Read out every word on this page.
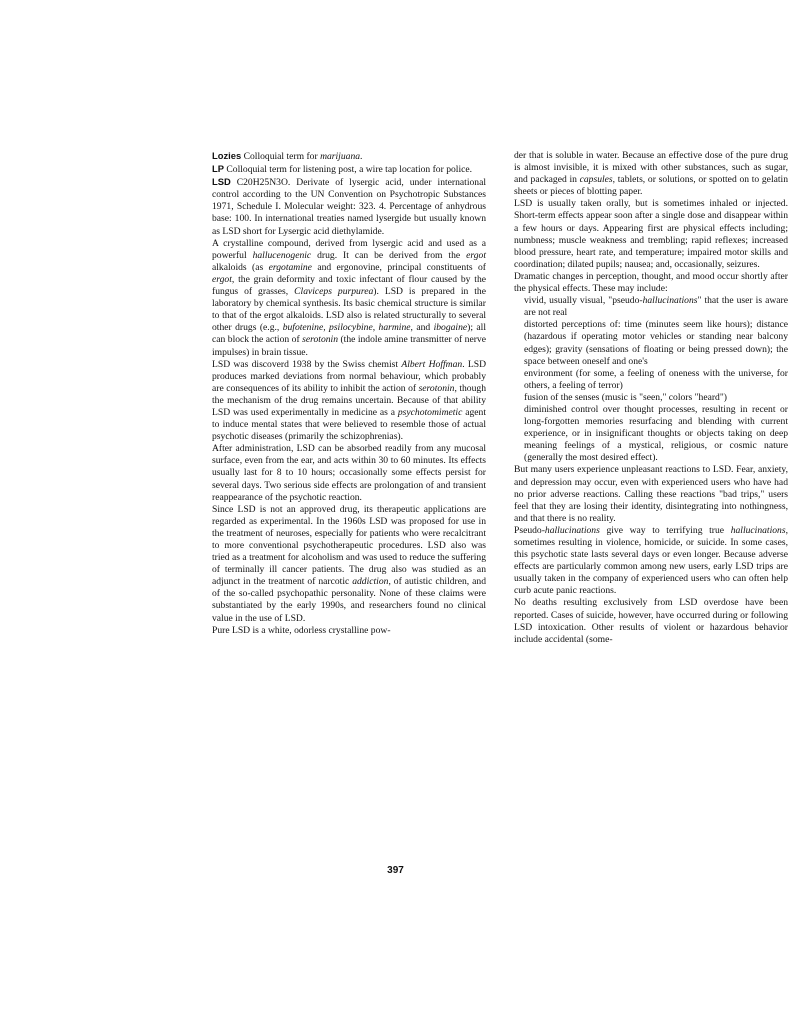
Lozies Colloquial term for marijuana.

LP Colloquial term for listening post, a wire tap location for police.

LSD C20H25N3O. Derivate of lysergic acid, under international control according to the UN Convention on Psychotropic Substances 1971, Schedule I. Molecular weight: 323. 4. Percentage of anhydrous base: 100. In international treaties named lysergide but usually known as LSD short for Lysergic acid diethylamide.

A crystalline compound, derived from lysergic acid and used as a powerful hallucenogenic drug. It can be derived from the ergot alkaloids (as ergotamine and ergonovine, principal constituents of ergot, the grain deformity and toxic infectant of flour caused by the fungus of grasses, Claviceps purpurea). LSD is prepared in the laboratory by chemical synthesis. Its basic chemical structure is similar to that of the ergot alkaloids. LSD also is related structurally to several other drugs (e.g., bufotenine, psilocybine, harmine, and ibogaine); all can block the action of serotonin (the indole amine transmitter of nerve impulses) in brain tissue.

LSD was discoverd 1938 by the Swiss chemist Albert Hoffman. LSD produces marked deviations from normal behaviour, which probably are consequences of its ability to inhibit the action of serotonin, though the mechanism of the drug remains uncertain. Because of that ability LSD was used experimentally in medicine as a psychotomimetic agent to induce mental states that were believed to resemble those of actual psychotic diseases (primarily the schizophrenias).

After administration, LSD can be absorbed readily from any mucosal surface, even from the ear, and acts within 30 to 60 minutes. Its effects usually last for 8 to 10 hours; occasionally some effects persist for several days. Two serious side effects are prolongation of and transient reappearance of the psychotic reaction.

Since LSD is not an approved drug, its therapeutic applications are regarded as experimental. In the 1960s LSD was proposed for use in the treatment of neuroses, especially for patients who were recalcitrant to more conventional psychotherapeutic procedures. LSD also was tried as a treatment for alcoholism and was used to reduce the suffering of terminally ill cancer patients. The drug also was studied as an adjunct in the treatment of narcotic addiction, of autistic children, and of the so-called psychopathic personality. None of these claims were substantiated by the early 1990s, and researchers found no clinical value in the use of LSD.

Pure LSD is a white, odorless crystalline pow-

der that is soluble in water. Because an effective dose of the pure drug is almost invisible, it is mixed with other substances, such as sugar, and packaged in capsules, tablets, or solutions, or spotted on to gelatin sheets or pieces of blotting paper.

LSD is usually taken orally, but is sometimes inhaled or injected. Short-term effects appear soon after a single dose and disappear within a few hours or days. Appearing first are physical effects including; numbness; muscle weakness and trembling; rapid reflexes; increased blood pressure, heart rate, and temperature; impaired motor skills and coordination; dilated pupils; nausea; and, occasionally, seizures.

Dramatic changes in perception, thought, and mood occur shortly after the physical effects. These may include:

vivid, usually visual, "pseudo-hallucinations" that the user is aware are not real

distorted perceptions of: time (minutes seem like hours); distance (hazardous if operating motor vehicles or standing near balcony edges); gravity (sensations of floating or being pressed down); the space between oneself and one's

environment (for some, a feeling of oneness with the universe, for others, a feeling of terror)

fusion of the senses (music is "seen," colors "heard")

diminished control over thought processes, resulting in recent or long-forgotten memories resurfacing and blending with current experience, or in insignificant thoughts or objects taking on deep meaning feelings of a mystical, religious, or cosmic nature (generally the most desired effect).

But many users experience unpleasant reactions to LSD. Fear, anxiety, and depression may occur, even with experienced users who have had no prior adverse reactions. Calling these reactions "bad trips," users feel that they are losing their identity, disintegrating into nothingness, and that there is no reality.

Pseudo-hallucinations give way to terrifying true hallucinations, sometimes resulting in violence, homicide, or suicide. In some cases, this psychotic state lasts several days or even longer. Because adverse effects are particularly common among new users, early LSD trips are usually taken in the company of experienced users who can often help curb acute panic reactions.

No deaths resulting exclusively from LSD overdose have been reported. Cases of suicide, however, have occurred during or following LSD intoxication. Other results of violent or hazardous behavior include accidental (some-

397
